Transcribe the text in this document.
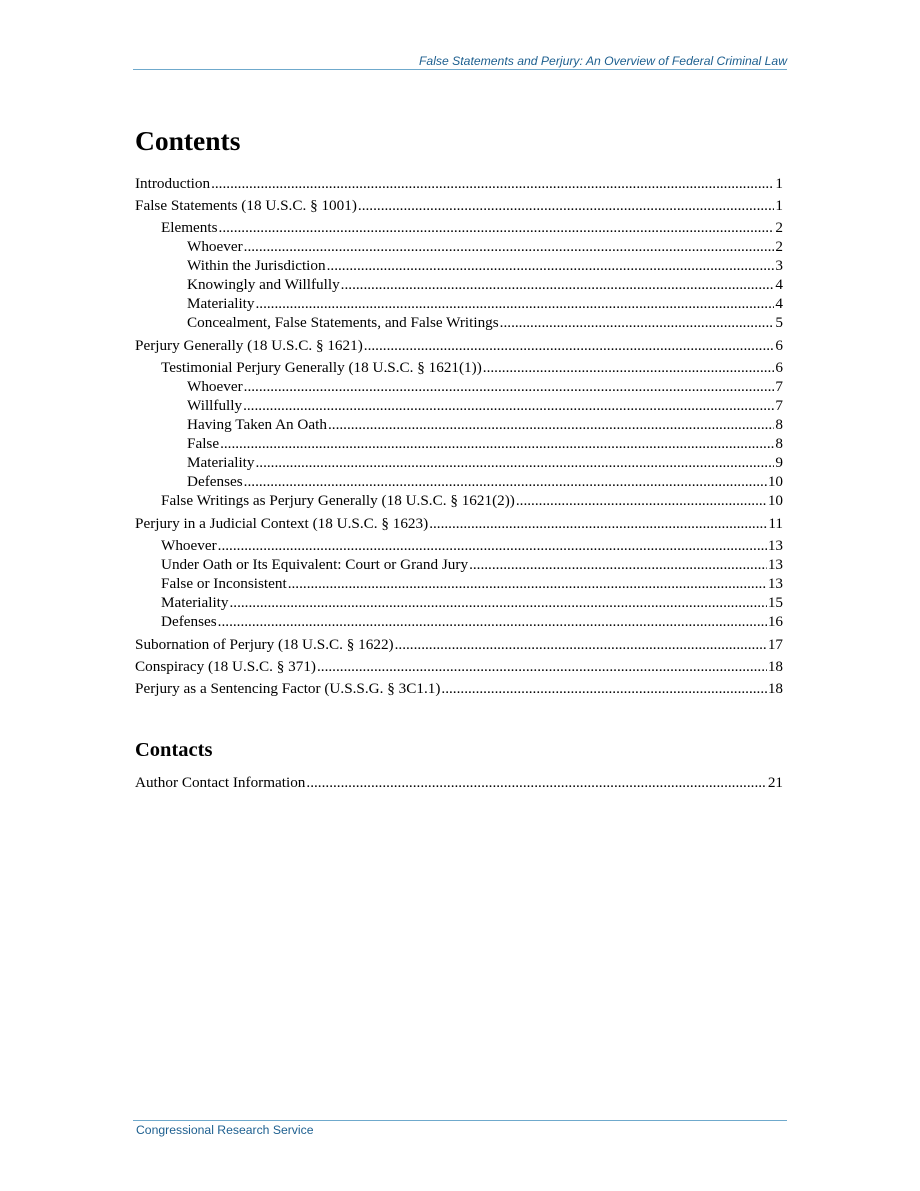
False Statements and Perjury: An Overview of Federal Criminal Law
Contents
Introduction .....	1
False Statements (18 U.S.C. § 1001) .....	1
Elements .....	2
Whoever .....	2
Within the Jurisdiction .....	3
Knowingly and Willfully .....	4
Materiality .....	4
Concealment, False Statements, and False Writings .....	5
Perjury Generally (18 U.S.C. § 1621) .....	6
Testimonial Perjury Generally (18 U.S.C. § 1621(1)) .....	6
Whoever .....	7
Willfully .....	7
Having Taken An Oath .....	8
False .....	8
Materiality .....	9
Defenses .....	10
False Writings as Perjury Generally (18 U.S.C. § 1621(2)) .....	10
Perjury in a Judicial Context (18 U.S.C. § 1623) .....	11
Whoever .....	13
Under Oath or Its Equivalent: Court or Grand Jury .....	13
False or Inconsistent .....	13
Materiality .....	15
Defenses .....	16
Subornation of Perjury (18 U.S.C. § 1622) .....	17
Conspiracy (18 U.S.C. § 371) .....	18
Perjury as a Sentencing Factor (U.S.S.G. § 3C1.1) .....	18
Contacts
Author Contact Information .....	21
Congressional Research Service
